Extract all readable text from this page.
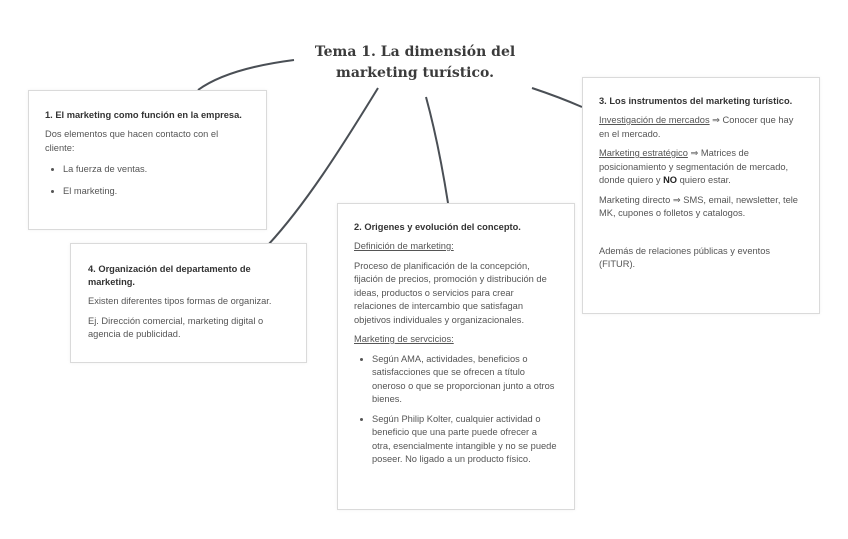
Tema 1. La dimensión del
marketing turístico.
1. El marketing como función en la empresa.

Dos elementos que hacen contacto con el cliente:

• La fuerza de ventas.
• El marketing.
4. Organización del departamento de marketing.

Existen diferentes tipos formas de organizar.

Ej. Dirección comercial, marketing digital o agencia de publicidad.

2. Origenes y evolución del concepto.

Definición de marketing:

Proceso de planificación de la concepción, fijación de precios, promoción y distribución de ideas, productos o servicios para crear relaciones de intercambio que satisfagan objetivos individuales y organizacionales.

Marketing de servcicios:

• Según AMA, actividades, beneficios o satisfacciones que se ofrecen a título oneroso o que se proporcionan junto a otros bienes.
• Según Philip Kolter, cualquier actividad o beneficio que una parte puede ofrecer a otra, esencialmente intangible y no se puede poseer. No ligado a un producto físico.
3. Los instrumentos del marketing turístico.

Investigación de mercados ⇒ Conocer que hay en el mercado.

Marketing estratégico ⇒ Matrices de posicionamiento y segmentación de mercado, donde quiero y NO quiero estar.

Marketing directo ⇒ SMS, email, newsletter, tele MK, cupones o folletos y catalogos.

Además de relaciones públicas y eventos (FITUR).
